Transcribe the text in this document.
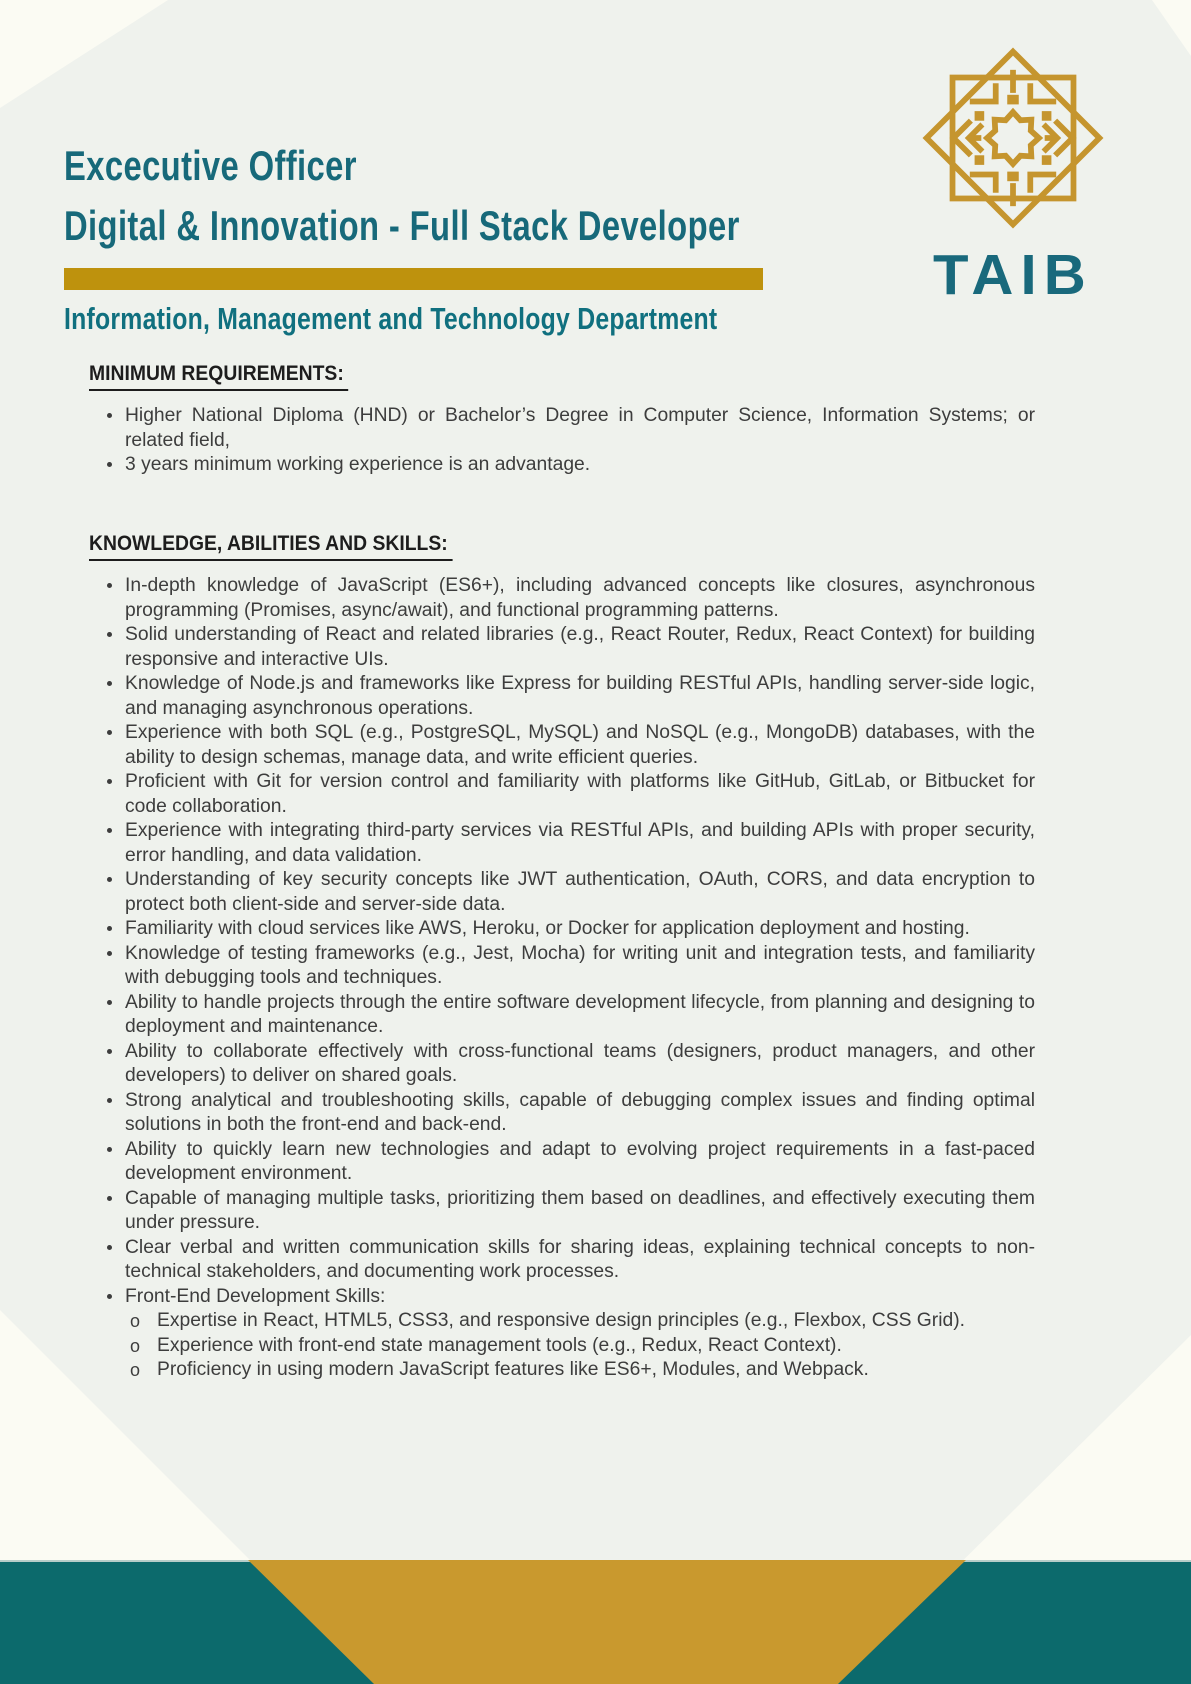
Excecutive Officer
Digital & Innovation - Full Stack Developer
Information, Management and Technology Department
TAIB
MINIMUM REQUIREMENTS:
Higher National Diploma (HND) or Bachelor’s Degree in Computer Science, Information Systems; or related field,
3 years minimum working experience is an advantage.
KNOWLEDGE, ABILITIES AND SKILLS:
In-depth knowledge of JavaScript (ES6+), including advanced concepts like closures, asynchronous programming (Promises, async/await), and functional programming patterns.
Solid understanding of React and related libraries (e.g., React Router, Redux, React Context) for building responsive and interactive UIs.
Knowledge of Node.js and frameworks like Express for building RESTful APIs, handling server-side logic, and managing asynchronous operations.
Experience with both SQL (e.g., PostgreSQL, MySQL) and NoSQL (e.g., MongoDB) databases, with the ability to design schemas, manage data, and write efficient queries.
Proficient with Git for version control and familiarity with platforms like GitHub, GitLab, or Bitbucket for code collaboration.
Experience with integrating third-party services via RESTful APIs, and building APIs with proper security, error handling, and data validation.
Understanding of key security concepts like JWT authentication, OAuth, CORS, and data encryption to protect both client-side and server-side data.
Familiarity with cloud services like AWS, Heroku, or Docker for application deployment and hosting.
Knowledge of testing frameworks (e.g., Jest, Mocha) for writing unit and integration tests, and familiarity with debugging tools and techniques.
Ability to handle projects through the entire software development lifecycle, from planning and designing to deployment and maintenance.
Ability to collaborate effectively with cross-functional teams (designers, product managers, and other developers) to deliver on shared goals.
Strong analytical and troubleshooting skills, capable of debugging complex issues and finding optimal solutions in both the front-end and back-end.
Ability to quickly learn new technologies and adapt to evolving project requirements in a fast-paced development environment.
Capable of managing multiple tasks, prioritizing them based on deadlines, and effectively executing them under pressure.
Clear verbal and written communication skills for sharing ideas, explaining technical concepts to non-technical stakeholders, and documenting work processes.
Front-End Development Skills:
o Expertise in React, HTML5, CSS3, and responsive design principles (e.g., Flexbox, CSS Grid).
o Experience with front-end state management tools (e.g., Redux, React Context).
o Proficiency in using modern JavaScript features like ES6+, Modules, and Webpack.
